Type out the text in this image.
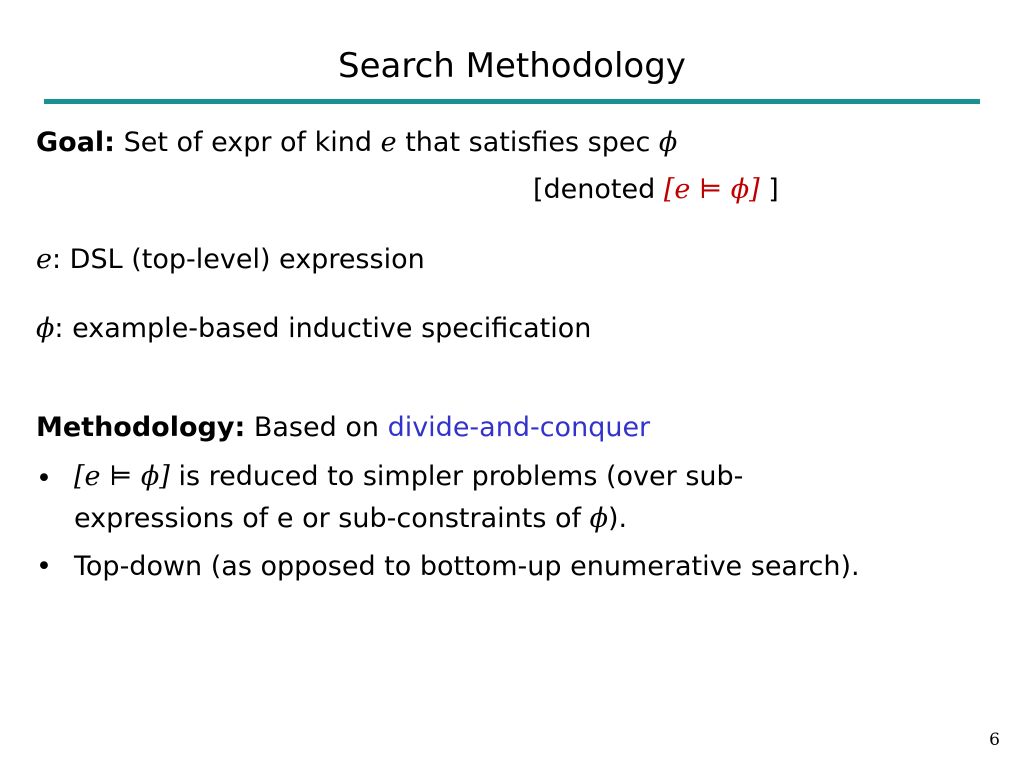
Search Methodology
Goal: Set of expr of kind e that satisfies spec ϕ
[denoted [e ⊨ ϕ] ]
e: DSL (top-level) expression
ϕ: example-based inductive specification
Methodology: Based on divide-and-conquer
• [e ⊨ ϕ] is reduced to simpler problems (over sub-
expressions of e or sub-constraints of ϕ).
• Top-down (as opposed to bottom-up enumerative search).
6
